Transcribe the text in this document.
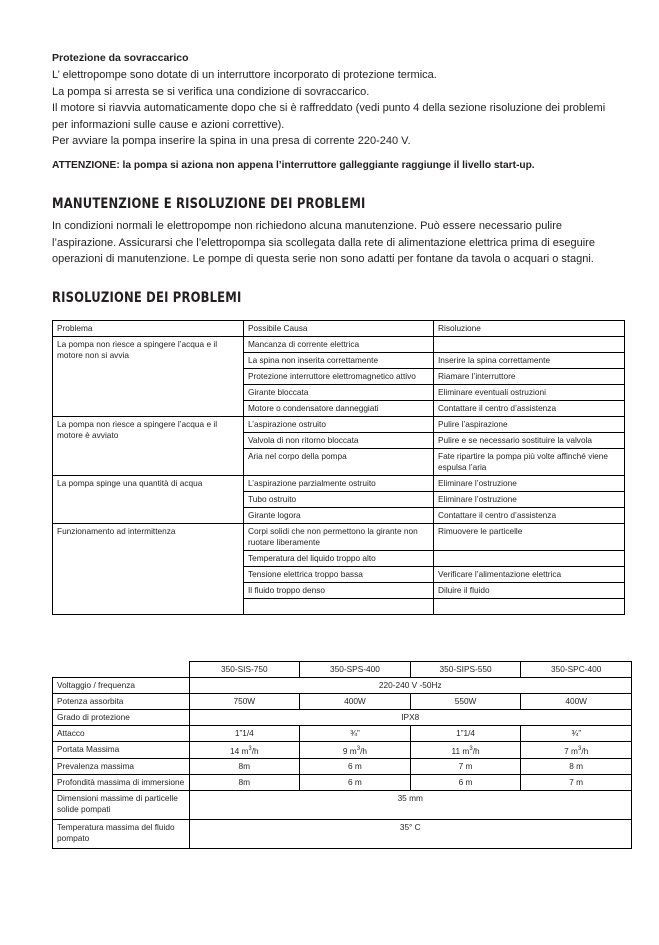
Protezione da sovraccarico

L’ elettropompe sono dotate di un interruttore incorporato di protezione termica.

La pompa si arresta se si verifica una condizione di sovraccarico.

Il motore si riavvia automaticamente dopo che si è raffreddato (vedi punto 4 della sezione risoluzione dei problemi per informazioni sulle cause e azioni correttive).

Per avviare la pompa inserire la spina in una presa di corrente 220-240 V.

ATTENZIONE: la pompa si aziona non appena l’interruttore galleggiante raggiunge il livello start-up.

MANUTENZIONE E RISOLUZIONE DEI PROBLEMI

In condizioni normali le elettropompe non richiedono alcuna manutenzione. Può essere necessario pulire l’aspirazione. Assicurarsi che l’elettropompa sia scollegata dalla rete di alimentazione elettrica prima di eseguire operazioni di manutenzione. Le pompe di questa serie non sono adatti per fontane da tavola o acquari o stagni.

RISOLUZIONE DEI PROBLEMI
Problema	Possibile Causa	Risoluzione
La pompa non riesce a spingere l’acqua e il motore non si avvia	Mancanza di corrente elettrica	
	La spina non inserita correttamente	Inserire la spina correttamente
	Protezione interruttore elettromagnetico attivo	Riamare l’interruttore
	Girante bloccata	Eliminare eventuali ostruzioni
	Motore o condensatore danneggiati	Contattare il centro d’assistenza
La pompa non riesce a spingere l’acqua e il motore è avviato	L’aspirazione ostruito	Pulire l’aspirazione
	Valvola di non ritorno bloccata	Pulire e se necessario sostituire la valvola
	Aria nel corpo della pompa	Fate ripartire la pompa più volte affinché viene espulsa l’aria
La pompa spinge una quantità di acqua	L’aspirazione parzialmente ostruito	Eliminare l’ostruzione
	Tubo ostruito	Eliminare l’ostruzione
	Girante logora	Contattare il centro d’assistenza
Funzionamento ad intermittenza	Corpi solidi che non permettono la girante non ruotare liberamente	Rimuovere le particelle
	Temperatura del liquido troppo alto	
	Tensione elettrica troppo bassa	Verificare l’alimentazione elettrica
	Il fluido troppo denso	Diluire il fluido

	350-SIS-750	350-SPS-400	350-SIPS-550	350-SPC-400
Voltaggio / frequenza	220-240 V -50Hz			
Potenza assorbita	750W	400W	550W	400W
Grado di protezione	IPX8			
Attacco	1”1/4	¾”	1”1/4	¾”
Portata Massima	14 $m^3/h$	9 $m^3/h$	11 $m^3/h$	7 $m^3/h$
Prevalenza massima	8m	6 m	7 m	8 m
Profondità massima di immersione	8m	6 m	6 m	7 m
Dimensioni massime di particelle solide pompati	35 mm			
Temperatura massima del fluido pompato	35° C			
